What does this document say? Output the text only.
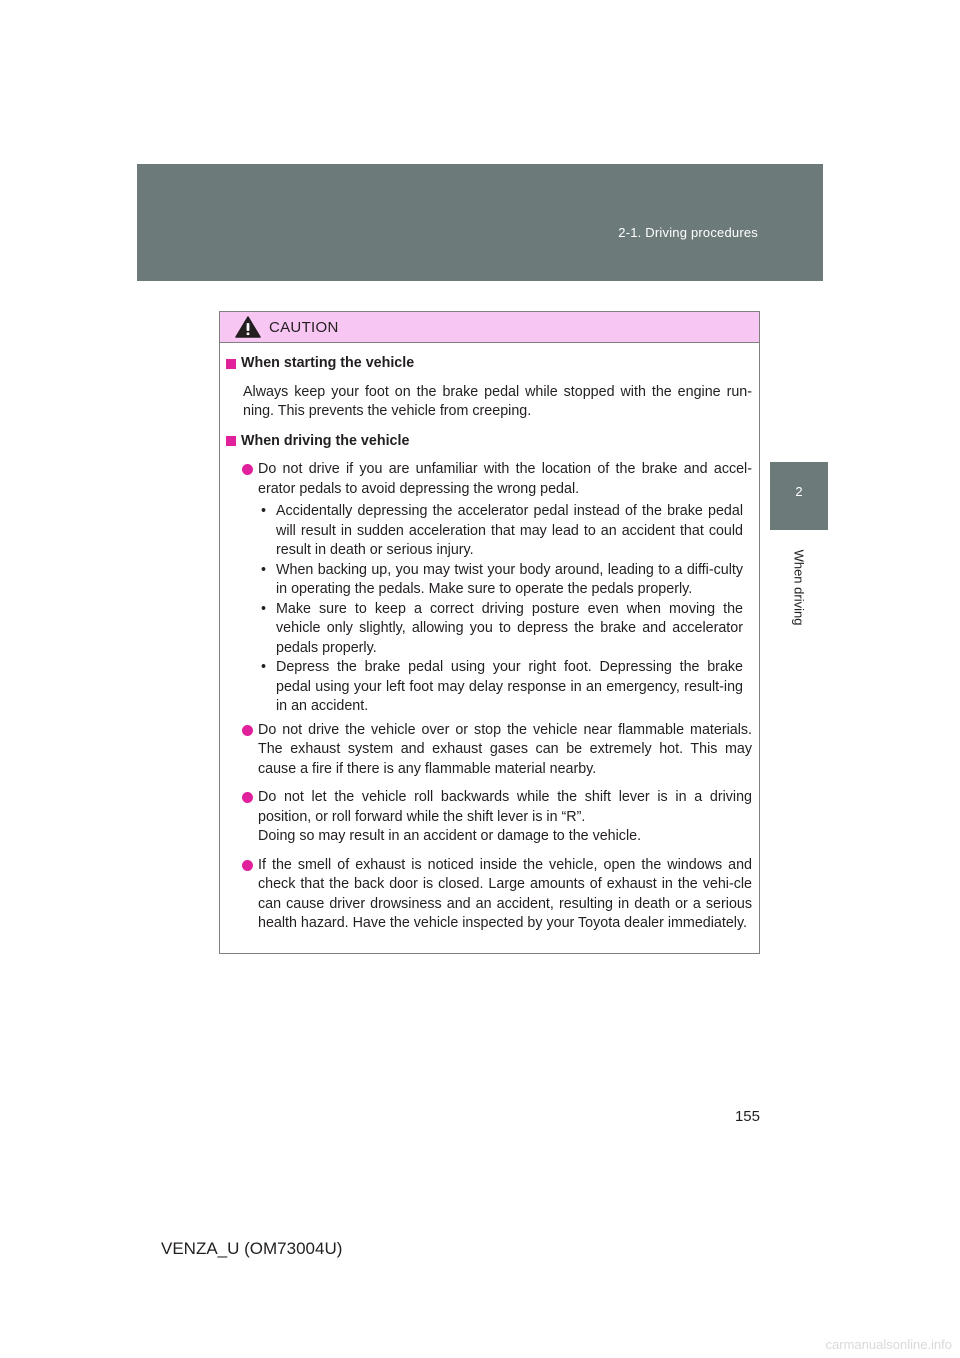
2-1. Driving procedures
2
When driving
CAUTION
When starting the vehicle
Always keep your foot on the brake pedal while stopped with the engine run-ning. This prevents the vehicle from creeping.
When driving the vehicle
Do not drive if you are unfamiliar with the location of the brake and accel-erator pedals to avoid depressing the wrong pedal.
• Accidentally depressing the accelerator pedal instead of the brake pedal will result in sudden acceleration that may lead to an accident that could result in death or serious injury.
• When backing up, you may twist your body around, leading to a diffi-culty in operating the pedals. Make sure to operate the pedals properly.
• Make sure to keep a correct driving posture even when moving the vehicle only slightly, allowing you to depress the brake and accelerator pedals properly.
• Depress the brake pedal using your right foot. Depressing the brake pedal using your left foot may delay response in an emergency, result-ing in an accident.
Do not drive the vehicle over or stop the vehicle near flammable materials. The exhaust system and exhaust gases can be extremely hot. This may cause a fire if there is any flammable material nearby.
Do not let the vehicle roll backwards while the shift lever is in a driving position, or roll forward while the shift lever is in “R”.
Doing so may result in an accident or damage to the vehicle.
If the smell of exhaust is noticed inside the vehicle, open the windows and check that the back door is closed. Large amounts of exhaust in the vehi-cle can cause driver drowsiness and an accident, resulting in death or a serious health hazard. Have the vehicle inspected by your Toyota dealer immediately.
155
VENZA_U (OM73004U)
carmanualsonline.info
